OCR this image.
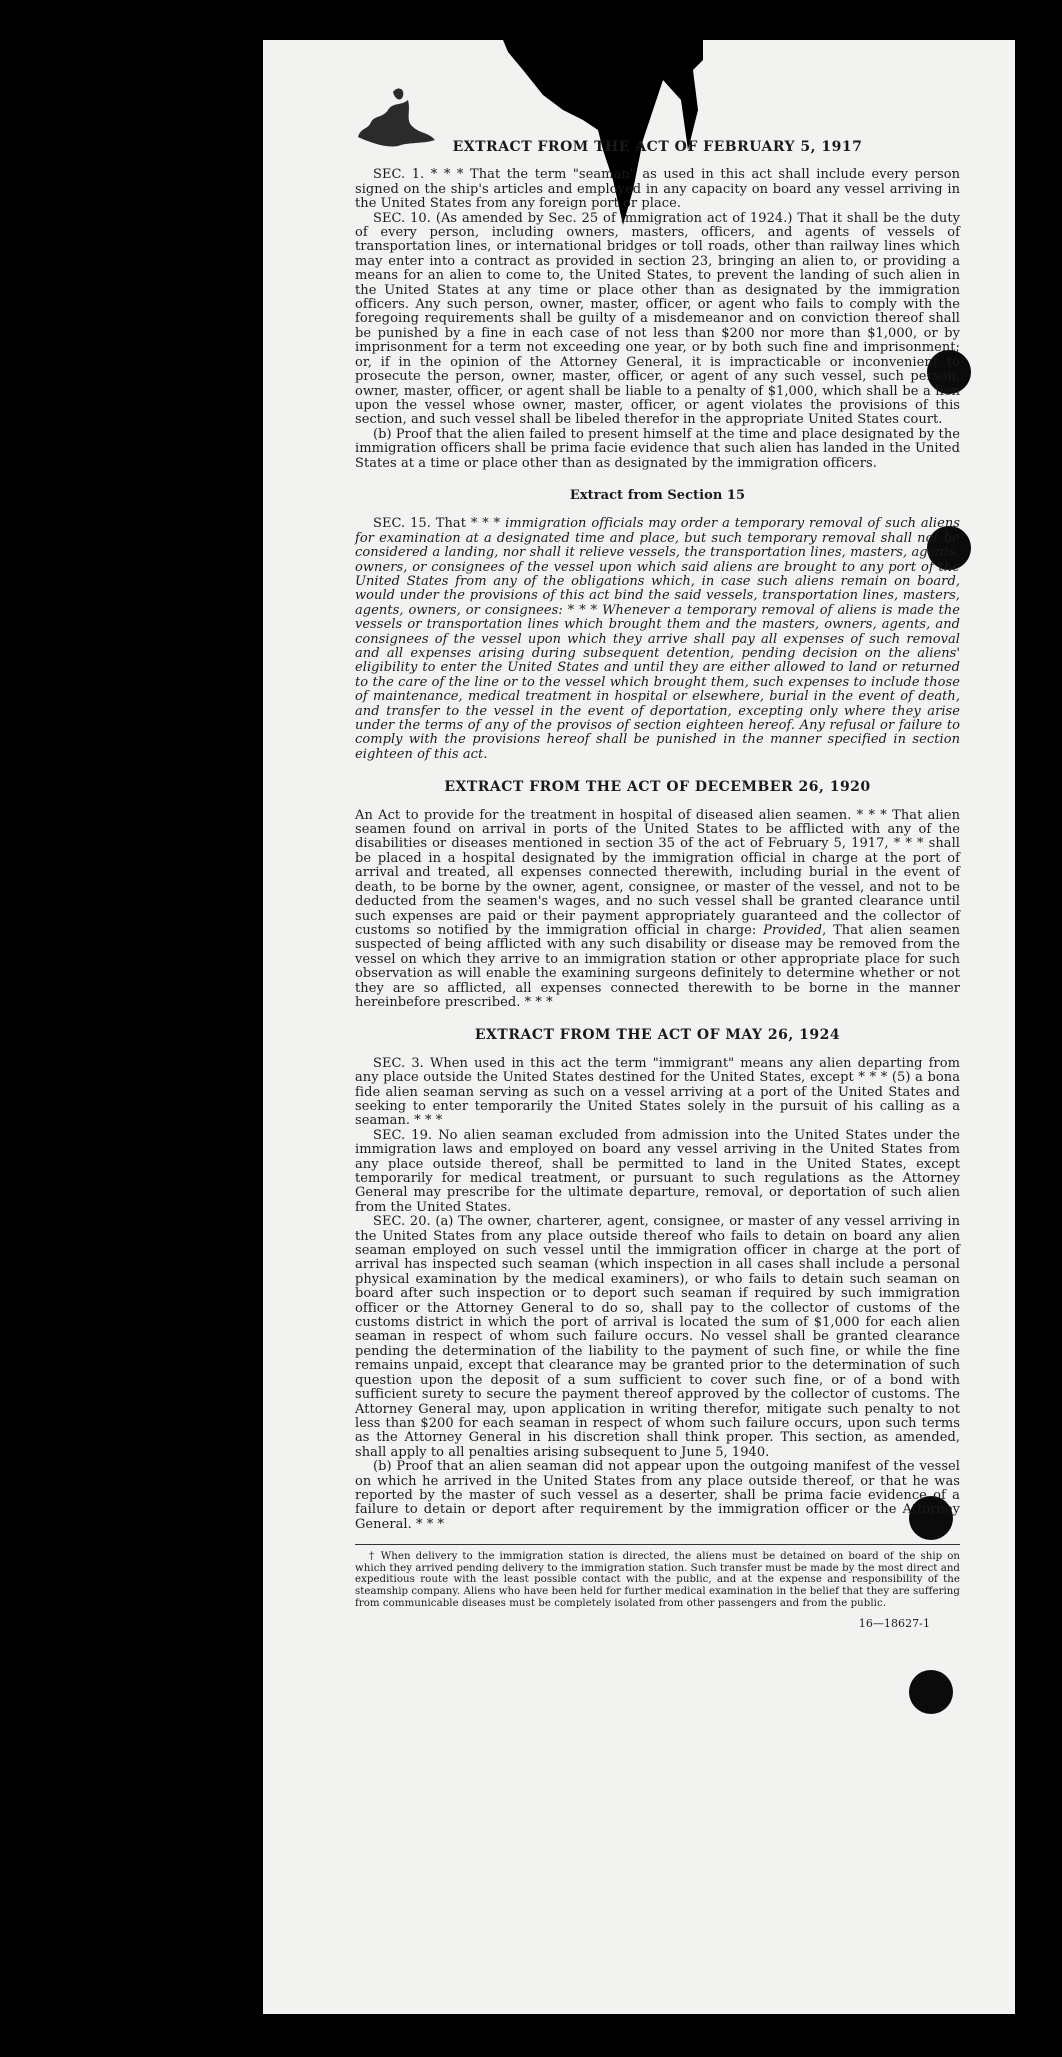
EXTRACT FROM THE ACT OF FEBRUARY 5, 1917

SEC. 1. * * * That the term "seaman" as used in this act shall include every person signed on the ship's articles and employed in any capacity on board any vessel arriving in the United States from any foreign port or place.

SEC. 10. (As amended by Sec. 25 of immigration act of 1924.) That it shall be the duty of every person, including owners, masters, officers, and agents of vessels of transportation lines, or international bridges or toll roads, other than railway lines which may enter into a contract as provided in section 23, bringing an alien to, or providing a means for an alien to come to, the United States, to prevent the landing of such alien in the United States at any time or place other than as designated by the immigration officers. Any such person, owner, master, officer, or agent who fails to comply with the foregoing requirements shall be guilty of a misdemeanor and on conviction thereof shall be punished by a fine in each case of not less than $200 nor more than $1,000, or by imprisonment for a term not exceeding one year, or by both such fine and imprisonment; or, if in the opinion of the Attorney General, it is impracticable or inconvenient to prosecute the person, owner, master, officer, or agent of any such vessel, such person, owner, master, officer, or agent shall be liable to a penalty of $1,000, which shall be a lien upon the vessel whose owner, master, officer, or agent violates the provisions of this section, and such vessel shall be libeled therefor in the appropriate United States court.

(b) Proof that the alien failed to present himself at the time and place designated by the immigration officers shall be prima facie evidence that such alien has landed in the United States at a time or place other than as designated by the immigration officers.

Extract from Section 15

SEC. 15. That * * * immigration officials may order a temporary removal of such aliens for examination at a designated time and place, but such temporary removal shall not be considered a landing, nor shall it relieve vessels, the transportation lines, masters, agents, owners, or consignees of the vessel upon which said aliens are brought to any port of the United States from any of the obligations which, in case such aliens remain on board, would under the provisions of this act bind the said vessels, transportation lines, masters, agents, owners, or consignees: * * * Whenever a temporary removal of aliens is made the vessels or transportation lines which brought them and the masters, owners, agents, and consignees of the vessel upon which they arrive shall pay all expenses of such removal and all expenses arising during subsequent detention, pending decision on the aliens' eligibility to enter the United States and until they are either allowed to land or returned to the care of the line or to the vessel which brought them, such expenses to include those of maintenance, medical treatment in hospital or elsewhere, burial in the event of death, and transfer to the vessel in the event of deportation, excepting only where they arise under the terms of any of the provisos of section eighteen hereof. Any refusal or failure to comply with the provisions hereof shall be punished in the manner specified in section eighteen of this act.

EXTRACT FROM THE ACT OF DECEMBER 26, 1920

An Act to provide for the treatment in hospital of diseased alien seamen. * * * That alien seamen found on arrival in ports of the United States to be afflicted with any of the disabilities or diseases mentioned in section 35 of the act of February 5, 1917, * * * shall be placed in a hospital designated by the immigration official in charge at the port of arrival and treated, all expenses connected therewith, including burial in the event of death, to be borne by the owner, agent, consignee, or master of the vessel, and not to be deducted from the seamen's wages, and no such vessel shall be granted clearance until such expenses are paid or their payment appropriately guaranteed and the collector of customs so notified by the immigration official in charge: Provided, That alien seamen suspected of being afflicted with any such disability or disease may be removed from the vessel on which they arrive to an immigration station or other appropriate place for such observation as will enable the examining surgeons definitely to determine whether or not they are so afflicted, all expenses connected therewith to be borne in the manner hereinbefore prescribed. * * *

EXTRACT FROM THE ACT OF MAY 26, 1924

SEC. 3. When used in this act the term "immigrant" means any alien departing from any place outside the United States destined for the United States, except * * * (5) a bona fide alien seaman serving as such on a vessel arriving at a port of the United States and seeking to enter temporarily the United States solely in the pursuit of his calling as a seaman. * * *

SEC. 19. No alien seaman excluded from admission into the United States under the immigration laws and employed on board any vessel arriving in the United States from any place outside thereof, shall be permitted to land in the United States, except temporarily for medical treatment, or pursuant to such regulations as the Attorney General may prescribe for the ultimate departure, removal, or deportation of such alien from the United States.

SEC. 20. (a) The owner, charterer, agent, consignee, or master of any vessel arriving in the United States from any place outside thereof who fails to detain on board any alien seaman employed on such vessel until the immigration officer in charge at the port of arrival has inspected such seaman (which inspection in all cases shall include a personal physical examination by the medical examiners), or who fails to detain such seaman on board after such inspection or to deport such seaman if required by such immigration officer or the Attorney General to do so, shall pay to the collector of customs of the customs district in which the port of arrival is located the sum of $1,000 for each alien seaman in respect of whom such failure occurs. No vessel shall be granted clearance pending the determination of the liability to the payment of such fine, or while the fine remains unpaid, except that clearance may be granted prior to the determination of such question upon the deposit of a sum sufficient to cover such fine, or of a bond with sufficient surety to secure the payment thereof approved by the collector of customs. The Attorney General may, upon application in writing therefor, mitigate such penalty to not less than $200 for each seaman in respect of whom such failure occurs, upon such terms as the Attorney General in his discretion shall think proper. This section, as amended, shall apply to all penalties arising subsequent to June 5, 1940.

(b) Proof that an alien seaman did not appear upon the outgoing manifest of the vessel on which he arrived in the United States from any place outside thereof, or that he was reported by the master of such vessel as a deserter, shall be prima facie evidence of a failure to detain or deport after requirement by the immigration officer or the Attorney General. * * *

† When delivery to the immigration station is directed, the aliens must be detained on board of the ship on which they arrived pending delivery to the immigration station. Such transfer must be made by the most direct and expeditious route with the least possible contact with the public, and at the expense and responsibility of the steamship company. Aliens who have been held for further medical examination in the belief that they are suffering from communicable diseases must be completely isolated from other passengers and from the public.
16—18627-1
